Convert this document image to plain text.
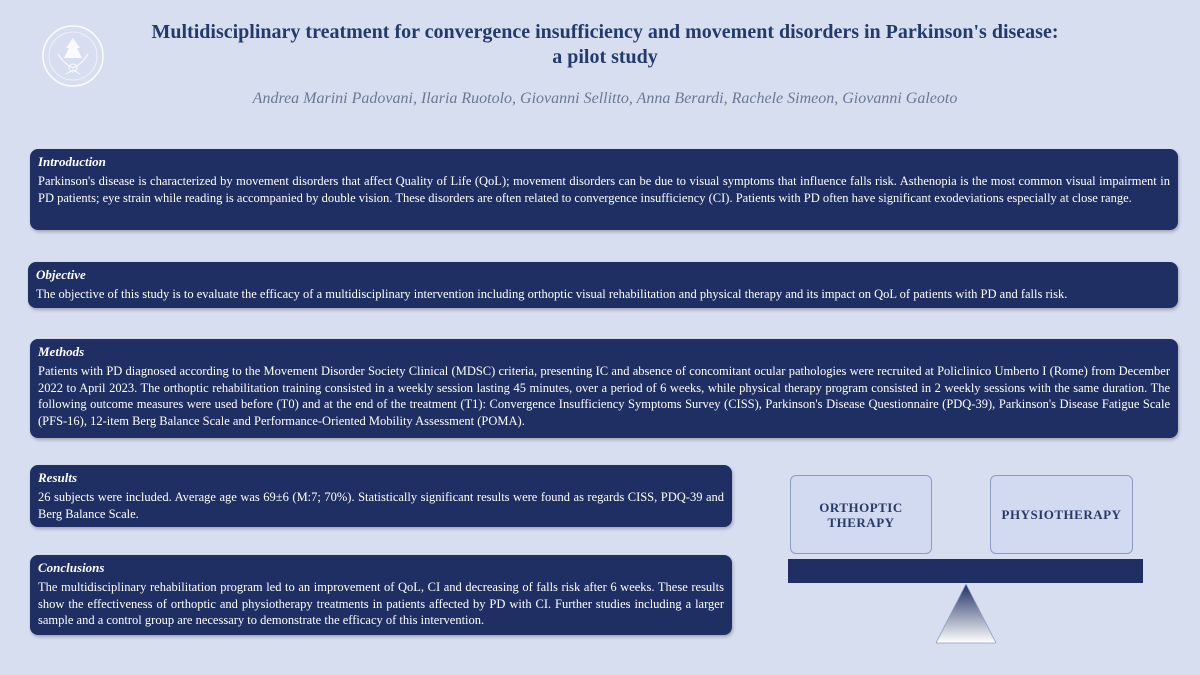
Multidisciplinary treatment for convergence insufficiency and movement disorders in Parkinson's disease:
a pilot study
Andrea Marini Padovani, Ilaria Ruotolo, Giovanni Sellitto, Anna Berardi, Rachele Simeon, Giovanni Galeoto
Introduction

Parkinson's disease is characterized by movement disorders that affect Quality of Life (QoL); movement disorders can be due to visual symptoms that influence falls risk. Asthenopia is the most common visual impairment in PD patients; eye strain while reading is accompanied by double vision. These disorders are often related to convergence insufficiency (CI). Patients with PD often have significant exodeviations especially at close range.

Objective

The objective of this study is to evaluate the efficacy of a multidisciplinary intervention including orthoptic visual rehabilitation and physical therapy and its impact on QoL of patients with PD and falls risk.

Methods

Patients with PD diagnosed according to the Movement Disorder Society Clinical (MDSC) criteria, presenting IC and absence of concomitant ocular pathologies were recruited at Policlinico Umberto I (Rome) from December 2022 to April 2023. The orthoptic rehabilitation training consisted in a weekly session lasting 45 minutes, over a period of 6 weeks, while physical therapy program consisted in 2 weekly sessions with the same duration. The following outcome measures were used before (T0) and at the end of the treatment (T1): Convergence Insufficiency Symptoms Survey (CISS), Parkinson's Disease Questionnaire (PDQ-39), Parkinson's Disease Fatigue Scale (PFS-16), 12-item Berg Balance Scale and Performance-Oriented Mobility Assessment (POMA).

Results

26 subjects were included. Average age was 69±6 (M:7; 70%). Statistically significant results were found as regards CISS, PDQ-39 and Berg Balance Scale.

Conclusions

The multidisciplinary rehabilitation program led to an improvement of QoL, CI and decreasing of falls risk after 6 weeks. These results show the effectiveness of orthoptic and physiotherapy treatments in patients affected by PD with CI. Further studies including a larger sample and a control group are necessary to demonstrate the efficacy of this intervention.

ORTHOPTIC
THERAPY	PHYSIOTHERAPY
